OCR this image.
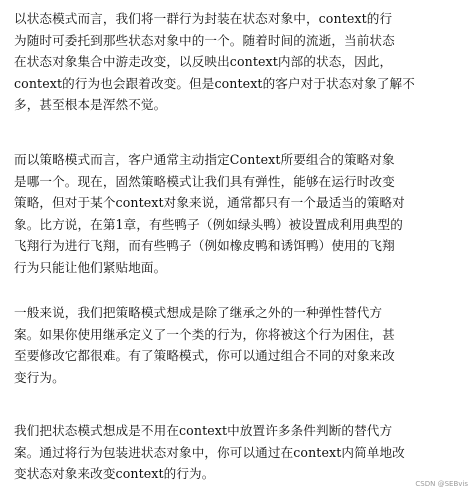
以状态模式而言，我们将一群行为封装在状态对象中，context的行
为随时可委托到那些状态对象中的一个。随着时间的流逝，当前状态
在状态对象集合中游走改变，以反映出context内部的状态，因此，
context的行为也会跟着改变。但是context的客户对于状态对象了解不
多，甚至根本是浑然不觉。
而以策略模式而言，客户通常主动指定Context所要组合的策略对象
是哪一个。现在，固然策略模式让我们具有弹性，能够在运行时改变
策略，但对于某个context对象来说，通常都只有一个最适当的策略对
象。比方说，在第1章，有些鸭子（例如绿头鸭）被设置成利用典型的
飞翔行为进行飞翔，而有些鸭子（例如橡皮鸭和诱饵鸭）使用的飞翔
行为只能让他们紧贴地面。
一般来说，我们把策略模式想成是除了继承之外的一种弹性替代方
案。如果你使用继承定义了一个类的行为，你将被这个行为困住，甚
至要修改它都很难。有了策略模式，你可以通过组合不同的对象来改
变行为。
我们把状态模式想成是不用在context中放置许多条件判断的替代方
案。通过将行为包装进状态对象中，你可以通过在context内简单地改
变状态对象来改变context的行为。
CSDN @SEBvis
